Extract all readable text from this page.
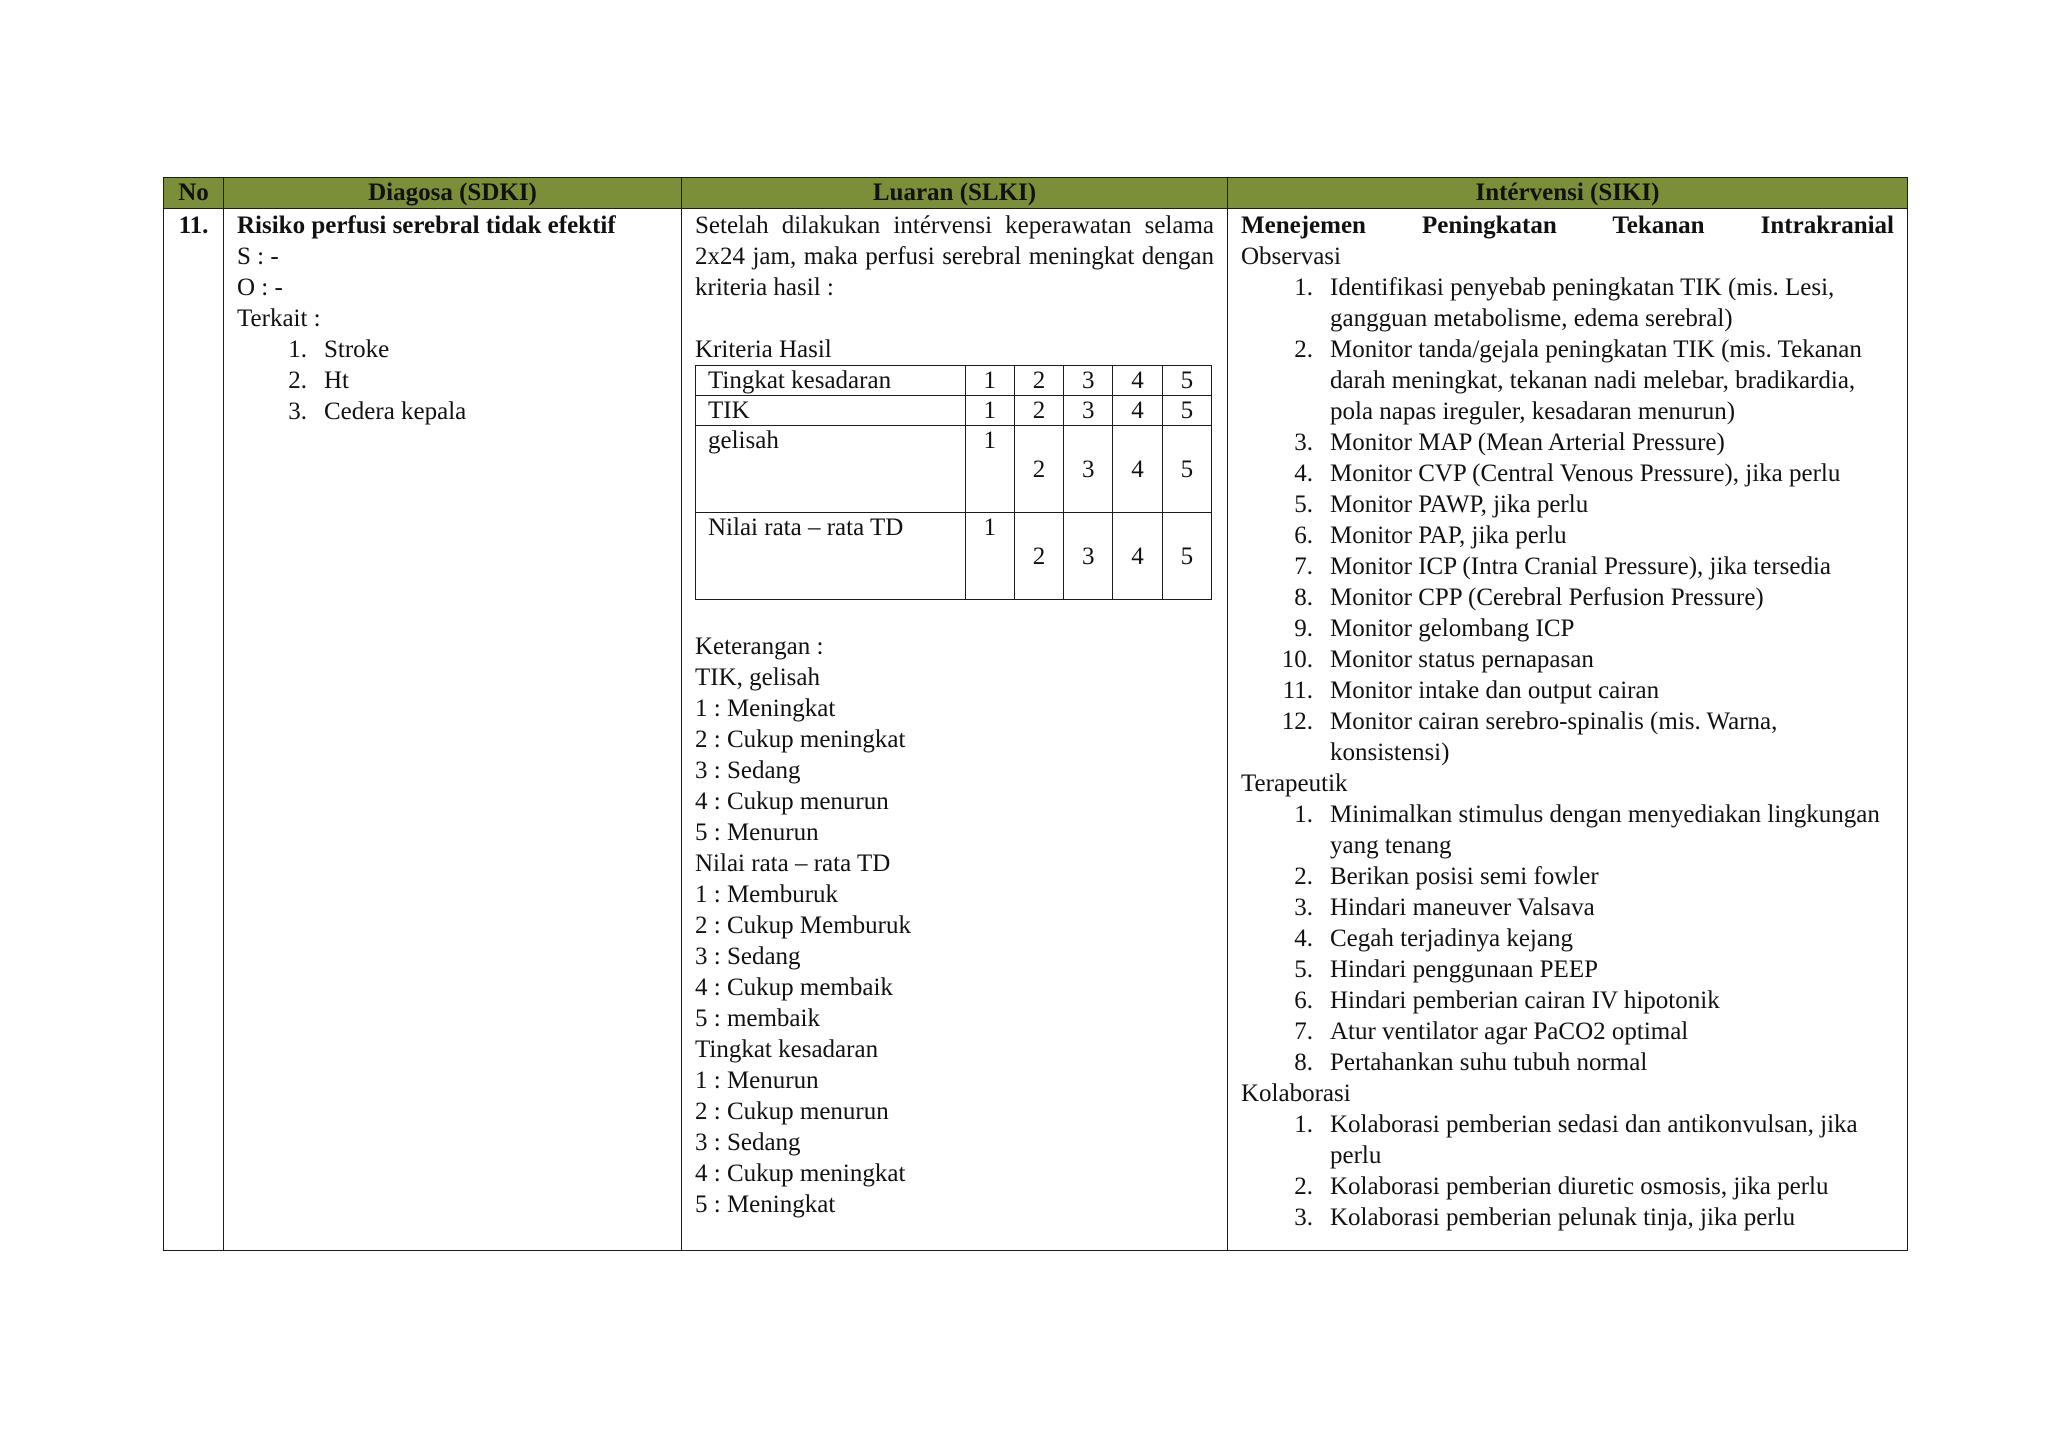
No	Diagosa (SDKI)	Luaran (SLKI)	Intérvensi (SIKI)
11.	Risiko perfusi serebral tidak efektif
S : -
O : -
Terkait :
1. Stroke
2. Ht
3. Cedera kepala

Setelah dilakukan intérvensi keperawatan selama 2x24 jam, maka perfusi serebral meningkat dengan kriteria hasil :
Kriteria Hasil
Tingkat kesadaran	1	2	3	4	5
TIK	1	2	3	4	5
gelisah	1	2	3	4	5
Nilai rata – rata TD	1	2	3	4	5
Keterangan :
TIK, gelisah
1 : Meningkat
2 : Cukup meningkat
3 : Sedang
4 : Cukup menurun
5 : Menurun
Nilai rata – rata TD
1 : Memburuk
2 : Cukup Memburuk
3 : Sedang
4 : Cukup membaik
5 : membaik
Tingkat kesadaran
1 : Menurun
2 : Cukup menurun
3 : Sedang
4 : Cukup meningkat
5 : Meningkat

Menejemen Peningkatan Tekanan Intrakranial
Observasi
1. Identifikasi penyebab peningkatan TIK (mis. Lesi, gangguan metabolisme, edema serebral)
2. Monitor tanda/gejala peningkatan TIK (mis. Tekanan darah meningkat, tekanan nadi melebar, bradikardia, pola napas ireguler, kesadaran menurun)
3. Monitor MAP (Mean Arterial Pressure)
4. Monitor CVP (Central Venous Pressure), jika perlu
5. Monitor PAWP, jika perlu
6. Monitor PAP, jika perlu
7. Monitor ICP (Intra Cranial Pressure), jika tersedia
8. Monitor CPP (Cerebral Perfusion Pressure)
9. Monitor gelombang ICP
10. Monitor status pernapasan
11. Monitor intake dan output cairan
12. Monitor cairan serebro-spinalis (mis. Warna, konsistensi)
Terapeutik
1. Minimalkan stimulus dengan menyediakan lingkungan yang tenang
2. Berikan posisi semi fowler
3. Hindari maneuver Valsava
4. Cegah terjadinya kejang
5. Hindari penggunaan PEEP
6. Hindari pemberian cairan IV hipotonik
7. Atur ventilator agar PaCO2 optimal
8. Pertahankan suhu tubuh normal
Kolaborasi
1. Kolaborasi pemberian sedasi dan antikonvulsan, jika perlu
2. Kolaborasi pemberian diuretic osmosis, jika perlu
3. Kolaborasi pemberian pelunak tinja, jika perlu
